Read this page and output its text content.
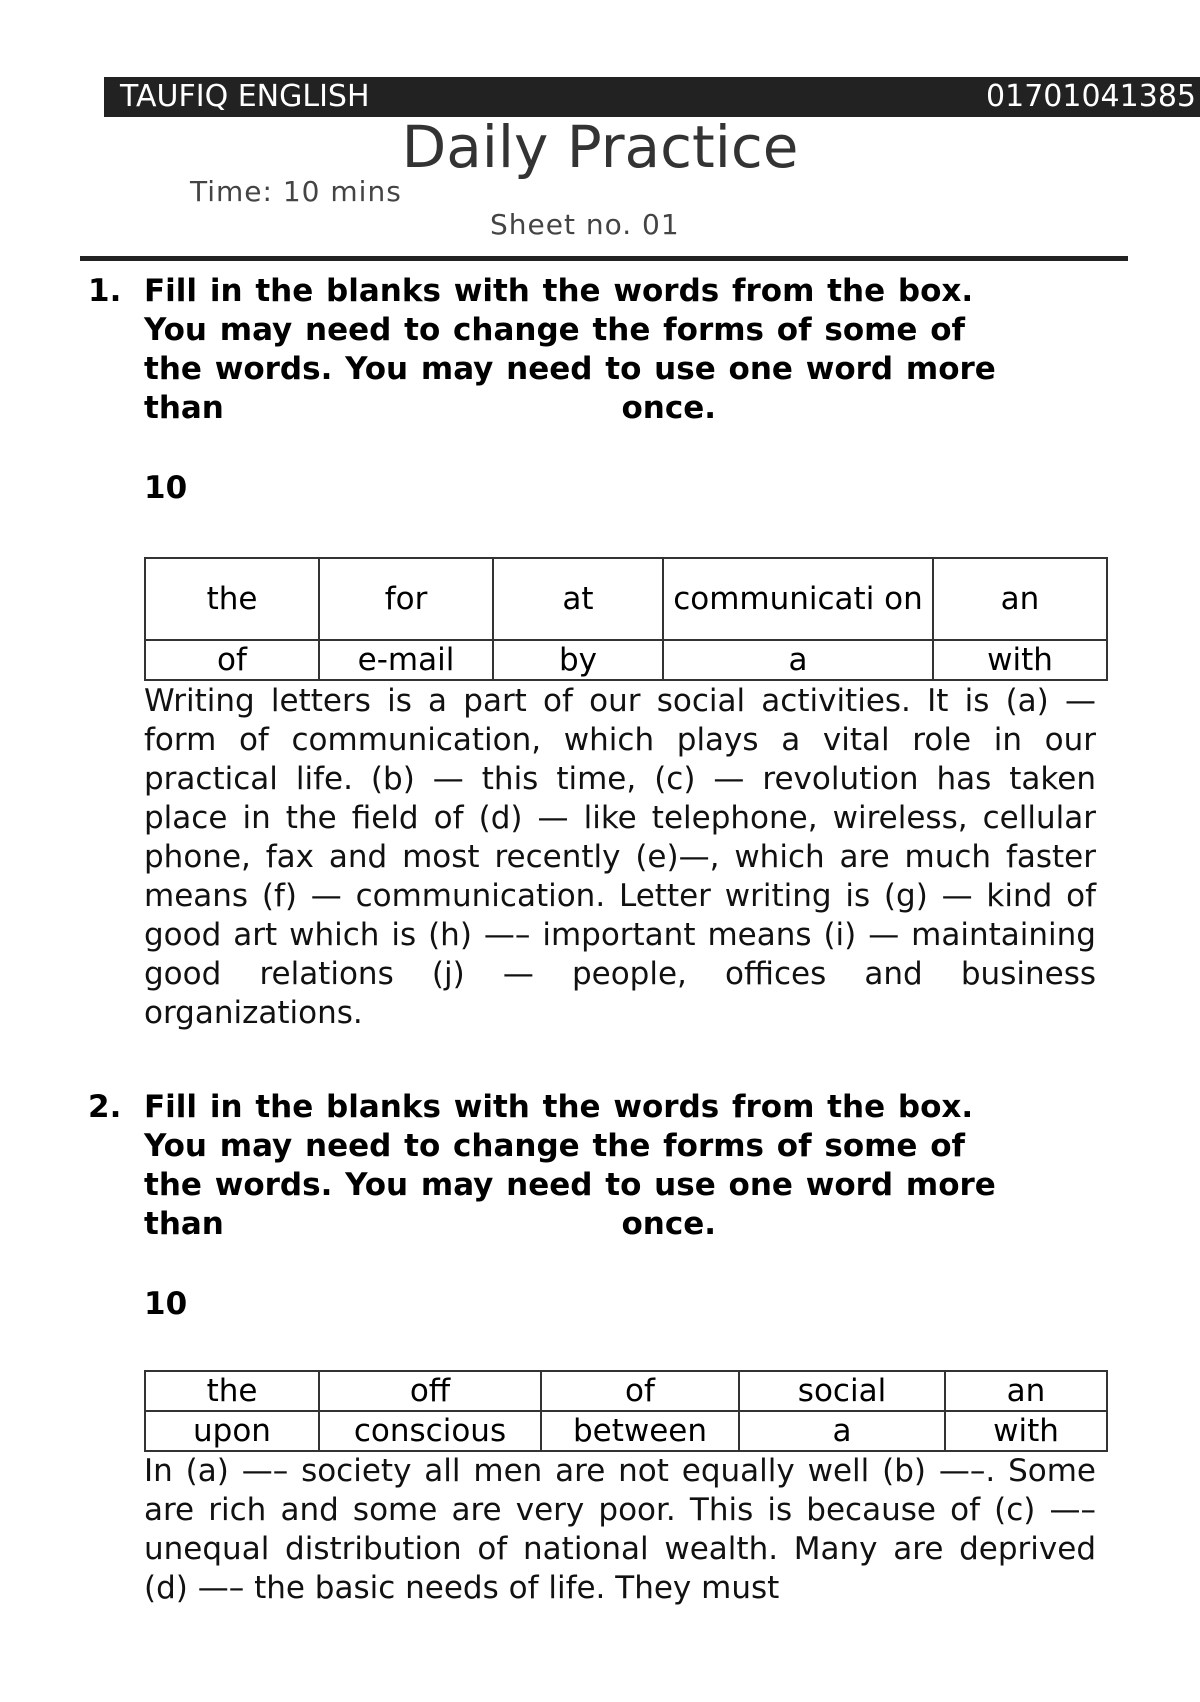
TAUFIQ ENGLISH	01701041385
Daily Practice
Time: 10 mins
Sheet no. 01
1. Fill in the blanks with the words from the box.
You may need to change the forms of some of
the words. You may need to use one word more
than	once.
10
the	for	at	communicati on	an
of	e-mail	by	a	with
Writing letters is a part of our social activities. It is (a) — form of communication, which plays a vital role in our practical life. (b) — this time, (c) — revolution has taken place in the field of (d) — like telephone, wireless, cellular phone, fax and most recently (e)—, which are much faster means (f) — communication. Letter writing is (g) — kind of good art which is (h) —– important means (i) — maintaining good relations (j) — people, offices and business organizations.
2. Fill in the blanks with the words from the box.
You may need to change the forms of some of
the words. You may need to use one word more
than	once.
10
the	off	of	social	an
upon	conscious	between	a	with
In (a) —– society all men are not equally well (b) —–. Some are rich and some are very poor. This is because of (c) —– unequal distribution of national wealth. Many are deprived (d) —– the basic needs of life. They must
